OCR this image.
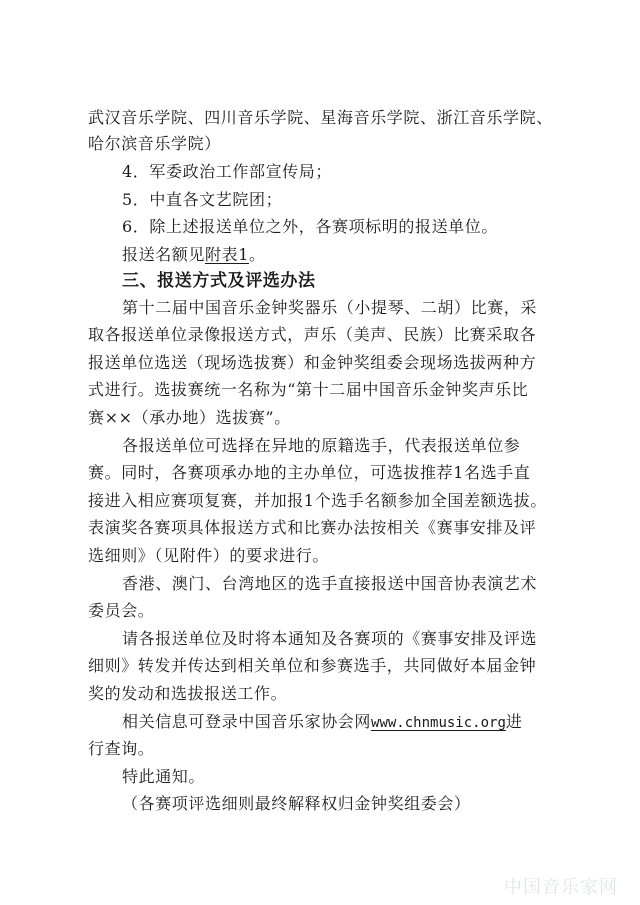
武汉音乐学院、四川音乐学院、星海音乐学院、浙江音乐学院、
哈尔滨音乐学院）
4．军委政治工作部宣传局；
5．中直各文艺院团；
6．除上述报送单位之外，各赛项标明的报送单位。
报送名额见附表1。
三、报送方式及评选办法
第十二届中国音乐金钟奖器乐（小提琴、二胡）比赛，采
取各报送单位录像报送方式，声乐（美声、民族）比赛采取各
报送单位选送（现场选拔赛）和金钟奖组委会现场选拔两种方
式进行。选拔赛统一名称为“第十二届中国音乐金钟奖声乐比
赛××（承办地）选拔赛”。
各报送单位可选择在异地的原籍选手，代表报送单位参
赛。同时，各赛项承办地的主办单位，可选拔推荐1名选手直
接进入相应赛项复赛，并加报1个选手名额参加全国差额选拔。
表演奖各赛项具体报送方式和比赛办法按相关《赛事安排及评
选细则》（见附件）的要求进行。
香港、澳门、台湾地区的选手直接报送中国音协表演艺术
委员会。
请各报送单位及时将本通知及各赛项的《赛事安排及评选
细则》转发并传达到相关单位和参赛选手，共同做好本届金钟
奖的发动和选拔报送工作。
相关信息可登录中国音乐家协会网www.chnmusic.org进
行查询。
特此通知。
（各赛项评选细则最终解释权归金钟奖组委会）
中国音乐家网
